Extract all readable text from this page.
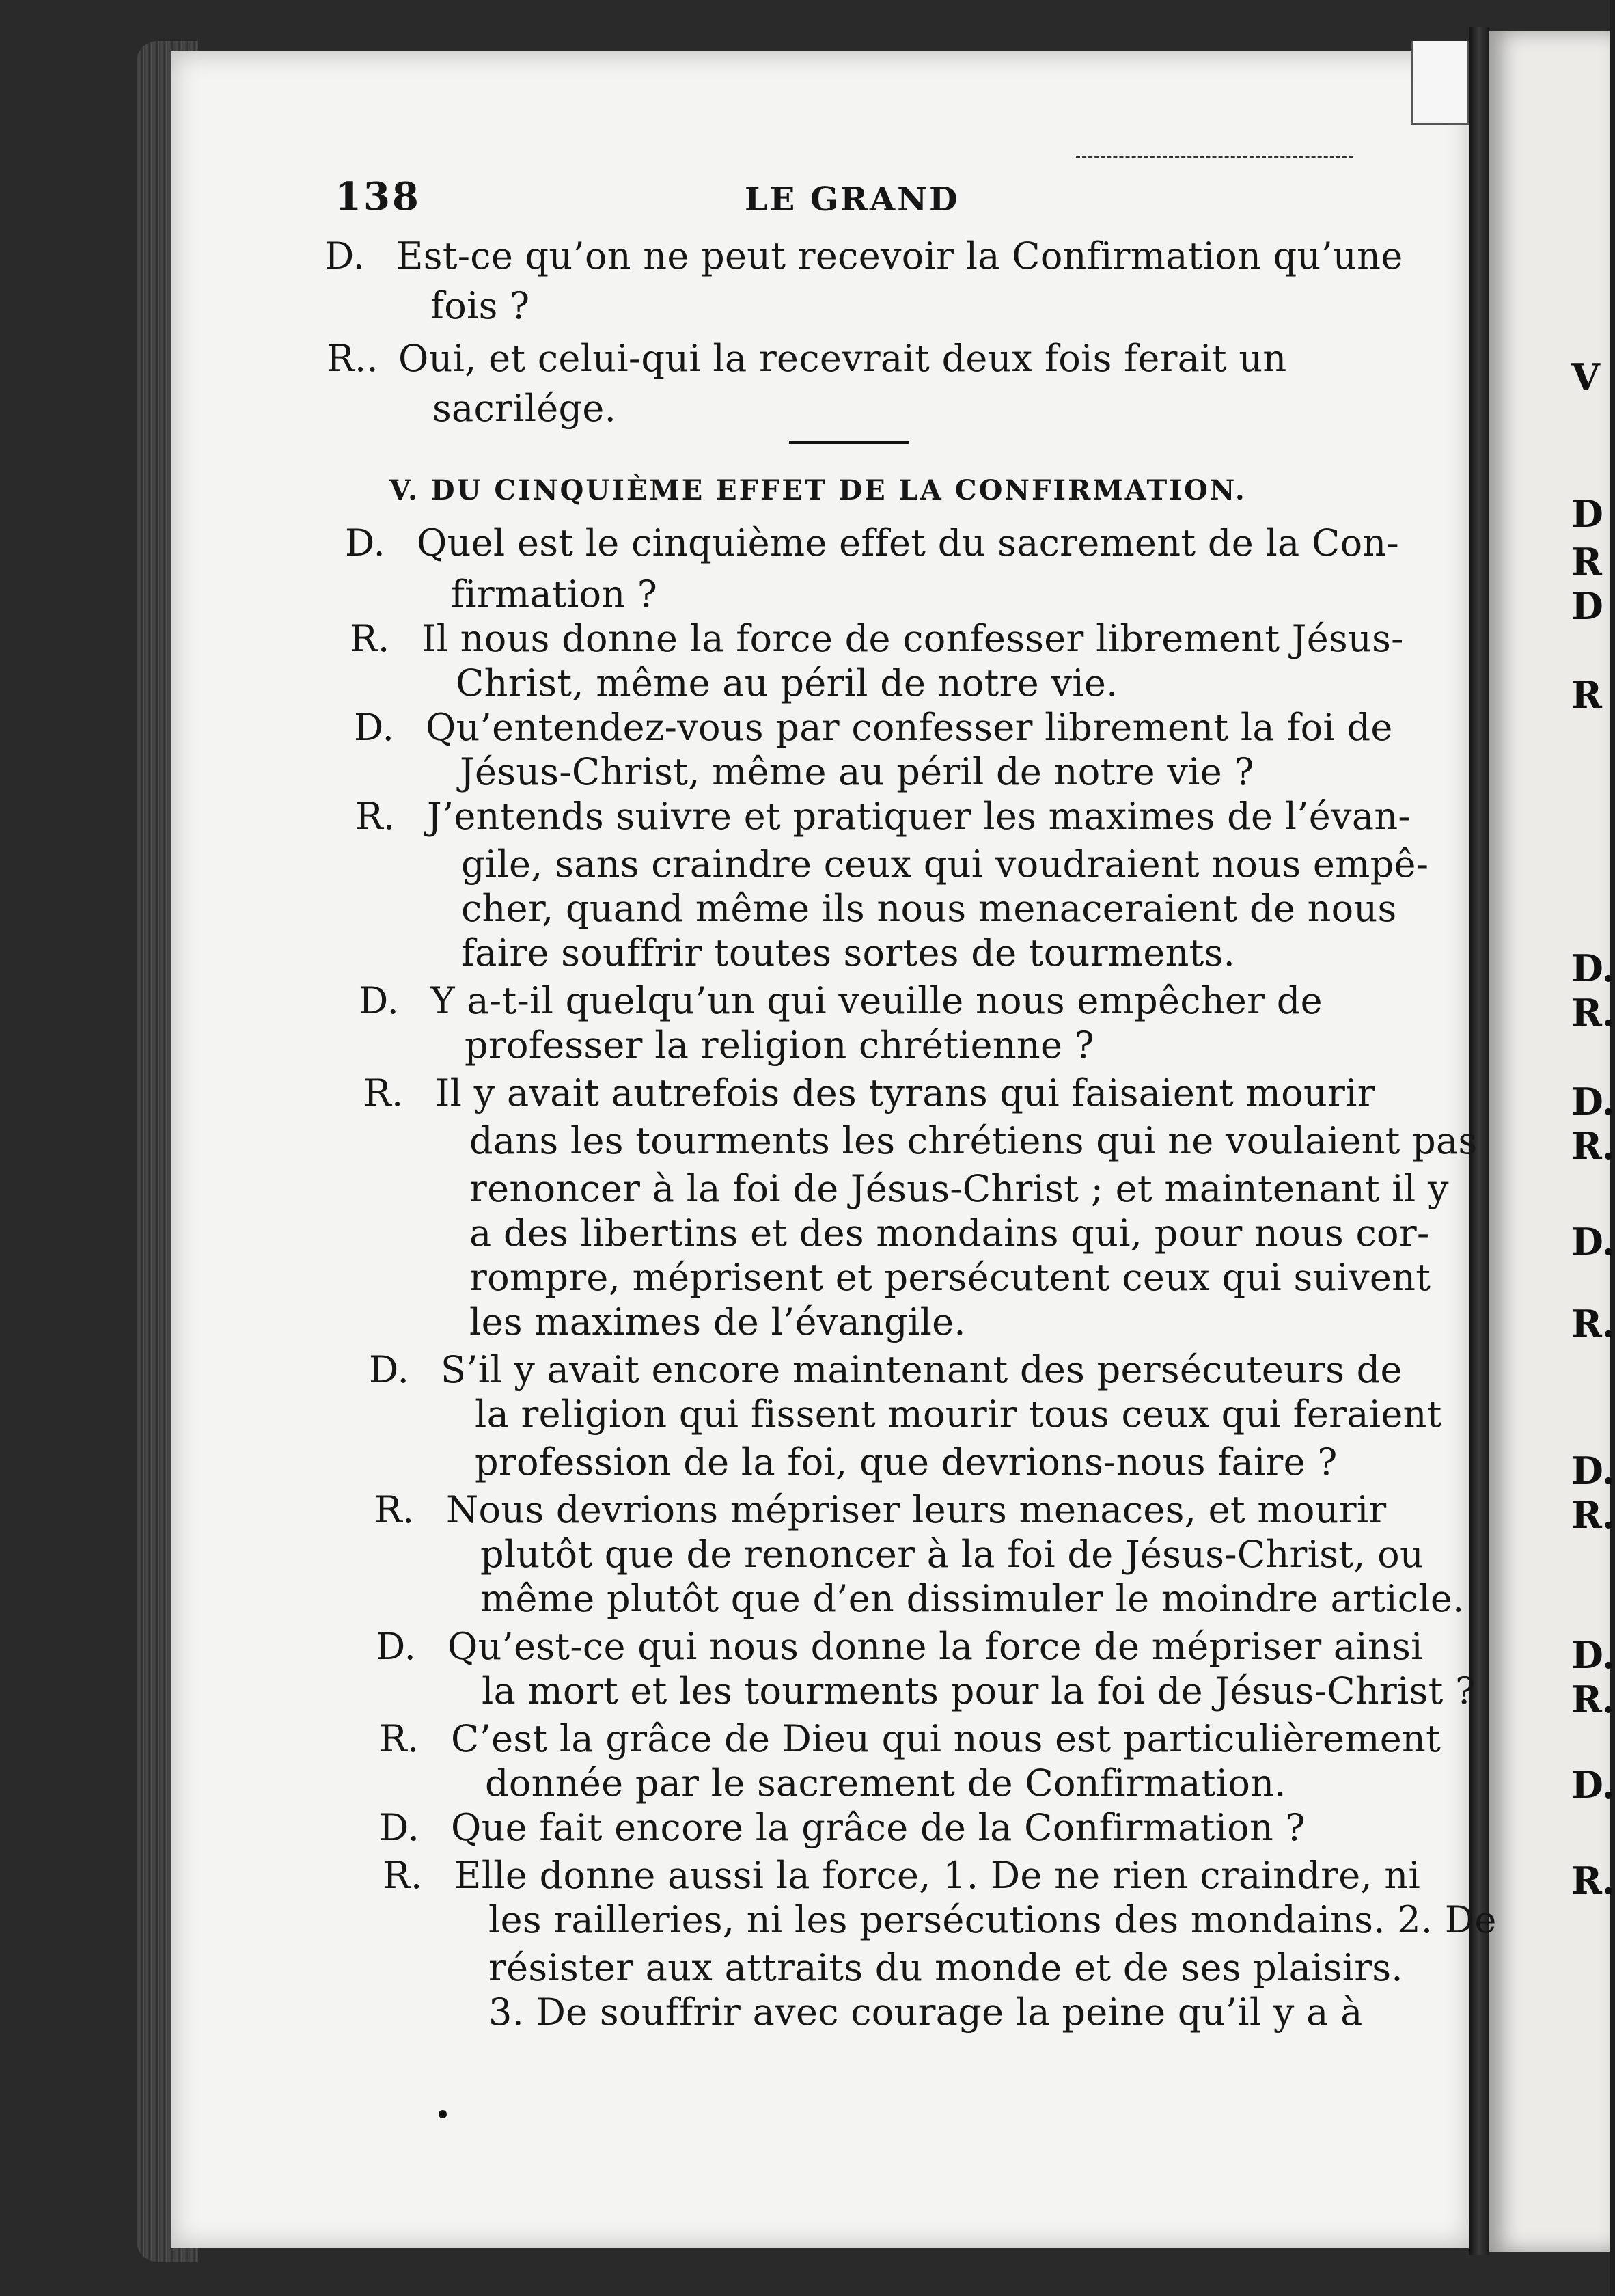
138	LE GRAND
D. Est-ce qu’on ne peut recevoir la Confirmation qu’une
fois ?
R.. Oui, et celui-qui la recevrait deux fois ferait un
sacrilége.
D. Quel est le cinquième effet du sacrement de la Con-
firmation ?
R. Il nous donne la force de confesser librement Jésus-
Christ, même au péril de notre vie.
D. Qu’entendez-vous par confesser librement la foi de
Jésus-Christ, même au péril de notre vie ?
R. J’entends suivre et pratiquer les maximes de l’évan-
gile, sans craindre ceux qui voudraient nous empê-
cher, quand même ils nous menaceraient de nous
faire souffrir toutes sortes de tourments.
D. Y a-t-il quelqu’un qui veuille nous empêcher de
professer la religion chrétienne ?
R. Il y avait autrefois des tyrans qui faisaient mourir
dans les tourments les chrétiens qui ne voulaient pas
renoncer à la foi de Jésus-Christ ; et maintenant il y
a des libertins et des mondains qui, pour nous cor-
rompre, méprisent et persécutent ceux qui suivent
les maximes de l’évangile.
D. S’il y avait encore maintenant des persécuteurs de
la religion qui fissent mourir tous ceux qui feraient
profession de la foi, que devrions-nous faire ?
R. Nous devrions mépriser leurs menaces, et mourir
plutôt que de renoncer à la foi de Jésus-Christ, ou
même plutôt que d’en dissimuler le moindre article.
D. Qu’est-ce qui nous donne la force de mépriser ainsi
la mort et les tourments pour la foi de Jésus-Christ ?
R. C’est la grâce de Dieu qui nous est particulièrement
donnée par le sacrement de Confirmation.
D. Que fait encore la grâce de la Confirmation ?
R. Elle donne aussi la force, 1. De ne rien craindre, ni
les railleries, ni les persécutions des mondains. 2. De
résister aux attraits du monde et de ses plaisirs.
3. De souffrir avec courage la peine qu’il y a à
V. DU CINQUIÈME EFFET DE LA CONFIRMATION.
V
D
R
D
R
D.
R.
D.
R.
D.
R.
D.
R.
D.
R.
D.
R.
